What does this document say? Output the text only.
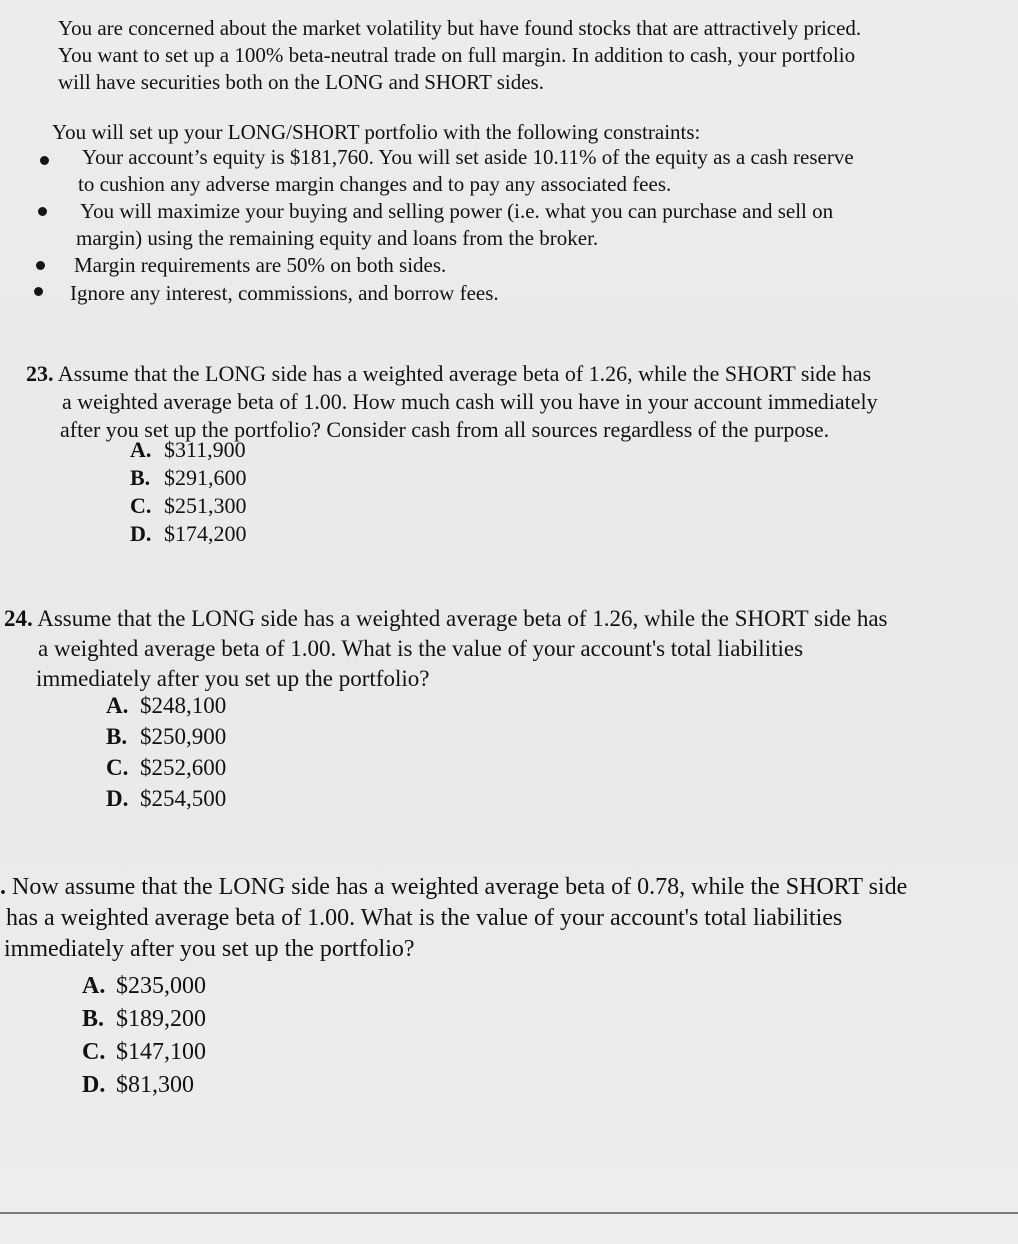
You are concerned about the market volatility but have found stocks that are attractively priced.
You want to set up a 100% beta-neutral trade on full margin. In addition to cash, your portfolio
will have securities both on the LONG and SHORT sides.
You will set up your LONG/SHORT portfolio with the following constraints:
Your account’s equity is $181,760. You will set aside 10.11% of the equity as a cash reserve
to cushion any adverse margin changes and to pay any associated fees.
You will maximize your buying and selling power (i.e. what you can purchase and sell on
margin) using the remaining equity and loans from the broker.
Margin requirements are 50% on both sides.
Ignore any interest, commissions, and borrow fees.
23. Assume that the LONG side has a weighted average beta of 1.26, while the SHORT side has
a weighted average beta of 1.00. How much cash will you have in your account immediately
after you set up the portfolio? Consider cash from all sources regardless of the purpose.
A. $311,900
B. $291,600
C. $251,300
D. $174,200
24. Assume that the LONG side has a weighted average beta of 1.26, while the SHORT side has
a weighted average beta of 1.00. What is the value of your account's total liabilities
immediately after you set up the portfolio?
A. $248,100
B. $250,900
C. $252,600
D. $254,500
. Now assume that the LONG side has a weighted average beta of 0.78, while the SHORT side
has a weighted average beta of 1.00. What is the value of your account's total liabilities
immediately after you set up the portfolio?
A. $235,000
B. $189,200
C. $147,100
D. $81,300
